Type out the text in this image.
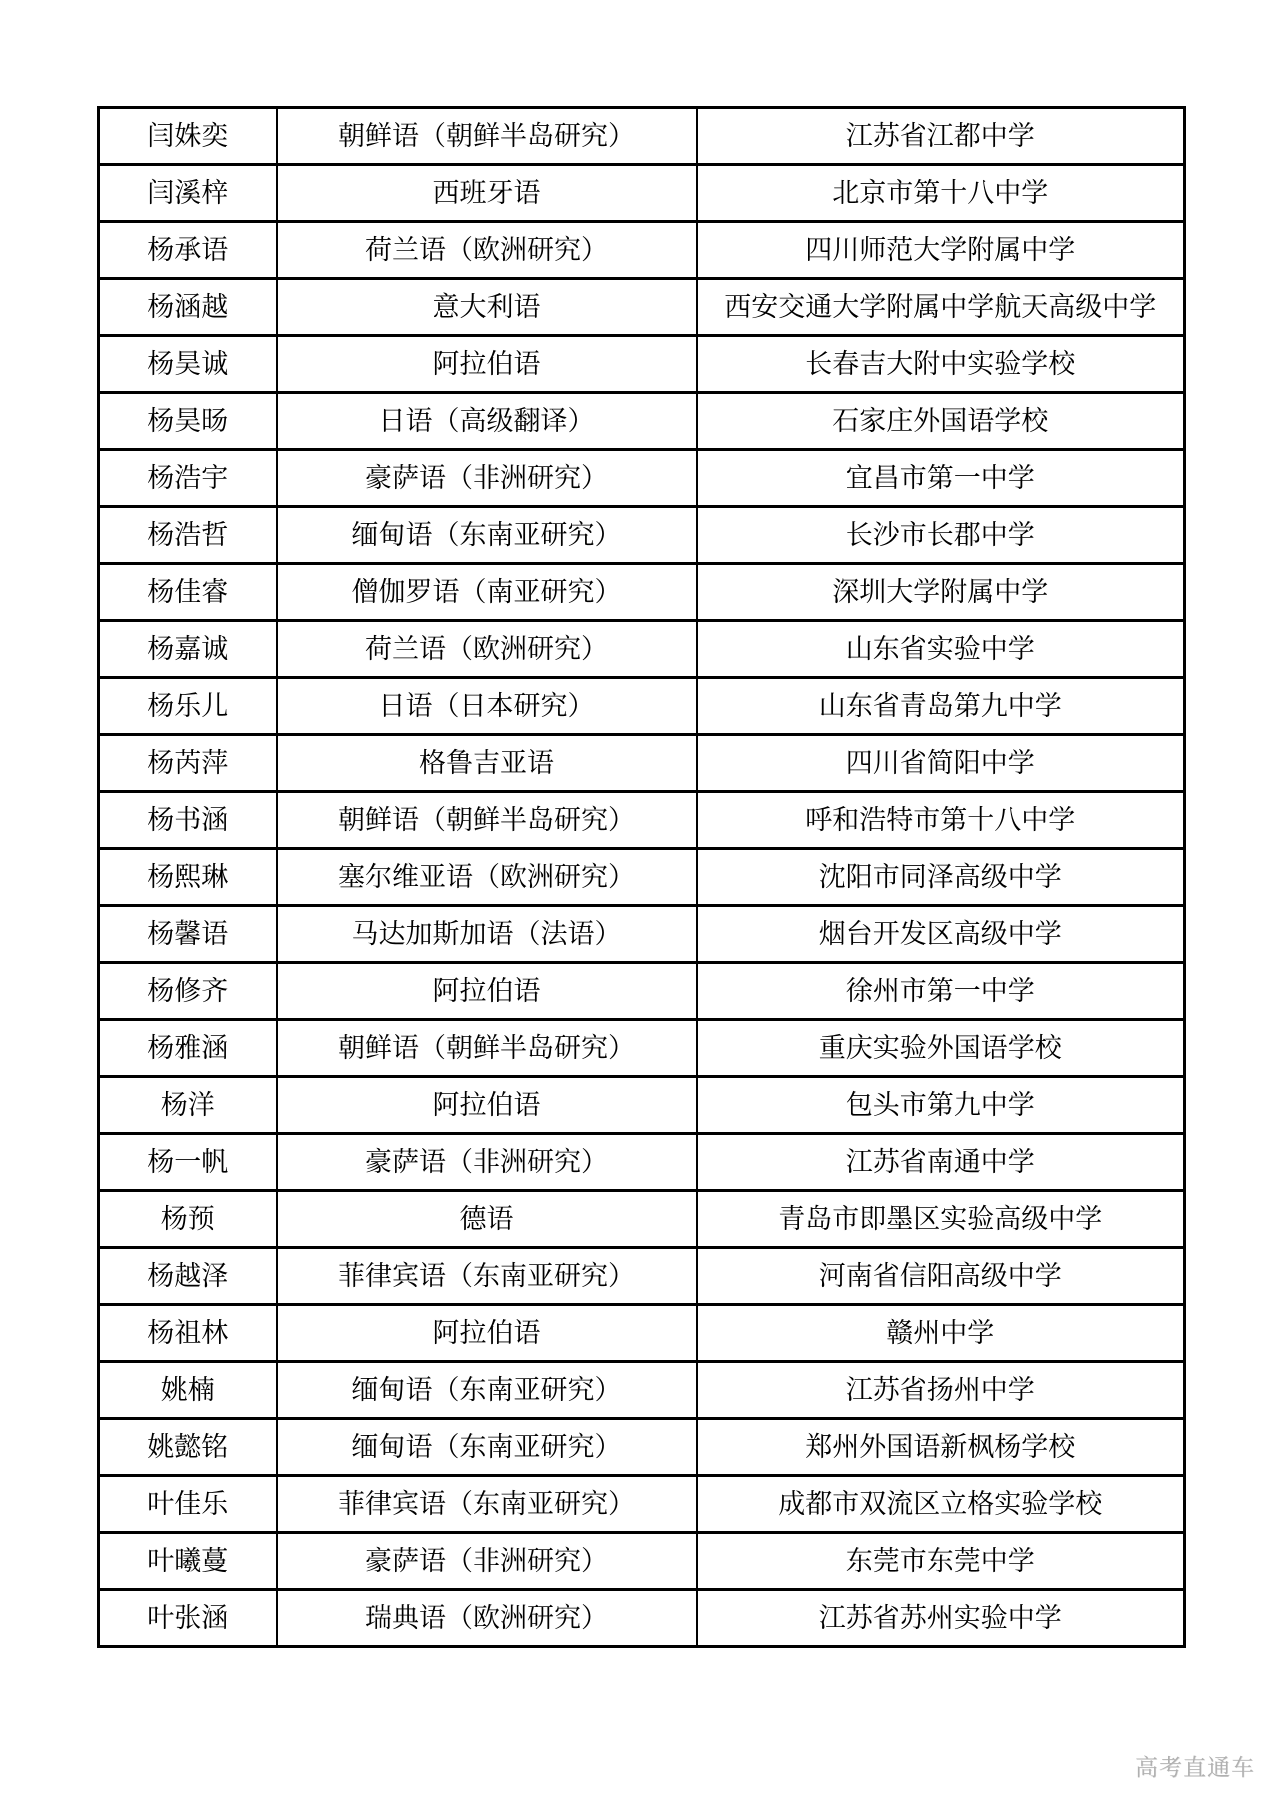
闫姝奕	朝鲜语（朝鲜半岛研究）	江苏省江都中学
闫溪梓	西班牙语	北京市第十八中学
杨承语	荷兰语（欧洲研究）	四川师范大学附属中学
杨涵越	意大利语	西安交通大学附属中学航天高级中学
杨昊诚	阿拉伯语	长春吉大附中实验学校
杨昊旸	日语（高级翻译）	石家庄外国语学校
杨浩宇	豪萨语（非洲研究）	宜昌市第一中学
杨浩哲	缅甸语（东南亚研究）	长沙市长郡中学
杨佳睿	僧伽罗语（南亚研究）	深圳大学附属中学
杨嘉诚	荷兰语（欧洲研究）	山东省实验中学
杨乐儿	日语（日本研究）	山东省青岛第九中学
杨芮萍	格鲁吉亚语	四川省简阳中学
杨书涵	朝鲜语（朝鲜半岛研究）	呼和浩特市第十八中学
杨熙琳	塞尔维亚语（欧洲研究）	沈阳市同泽高级中学
杨馨语	马达加斯加语（法语）	烟台开发区高级中学
杨修齐	阿拉伯语	徐州市第一中学
杨雅涵	朝鲜语（朝鲜半岛研究）	重庆实验外国语学校
杨洋	阿拉伯语	包头市第九中学
杨一帆	豪萨语（非洲研究）	江苏省南通中学
杨预	德语	青岛市即墨区实验高级中学
杨越泽	菲律宾语（东南亚研究）	河南省信阳高级中学
杨祖林	阿拉伯语	赣州中学
姚楠	缅甸语（东南亚研究）	江苏省扬州中学
姚懿铭	缅甸语（东南亚研究）	郑州外国语新枫杨学校
叶佳乐	菲律宾语（东南亚研究）	成都市双流区立格实验学校
叶曦蔓	豪萨语（非洲研究）	东莞市东莞中学
叶张涵	瑞典语（欧洲研究）	江苏省苏州实验中学
高考直通车
